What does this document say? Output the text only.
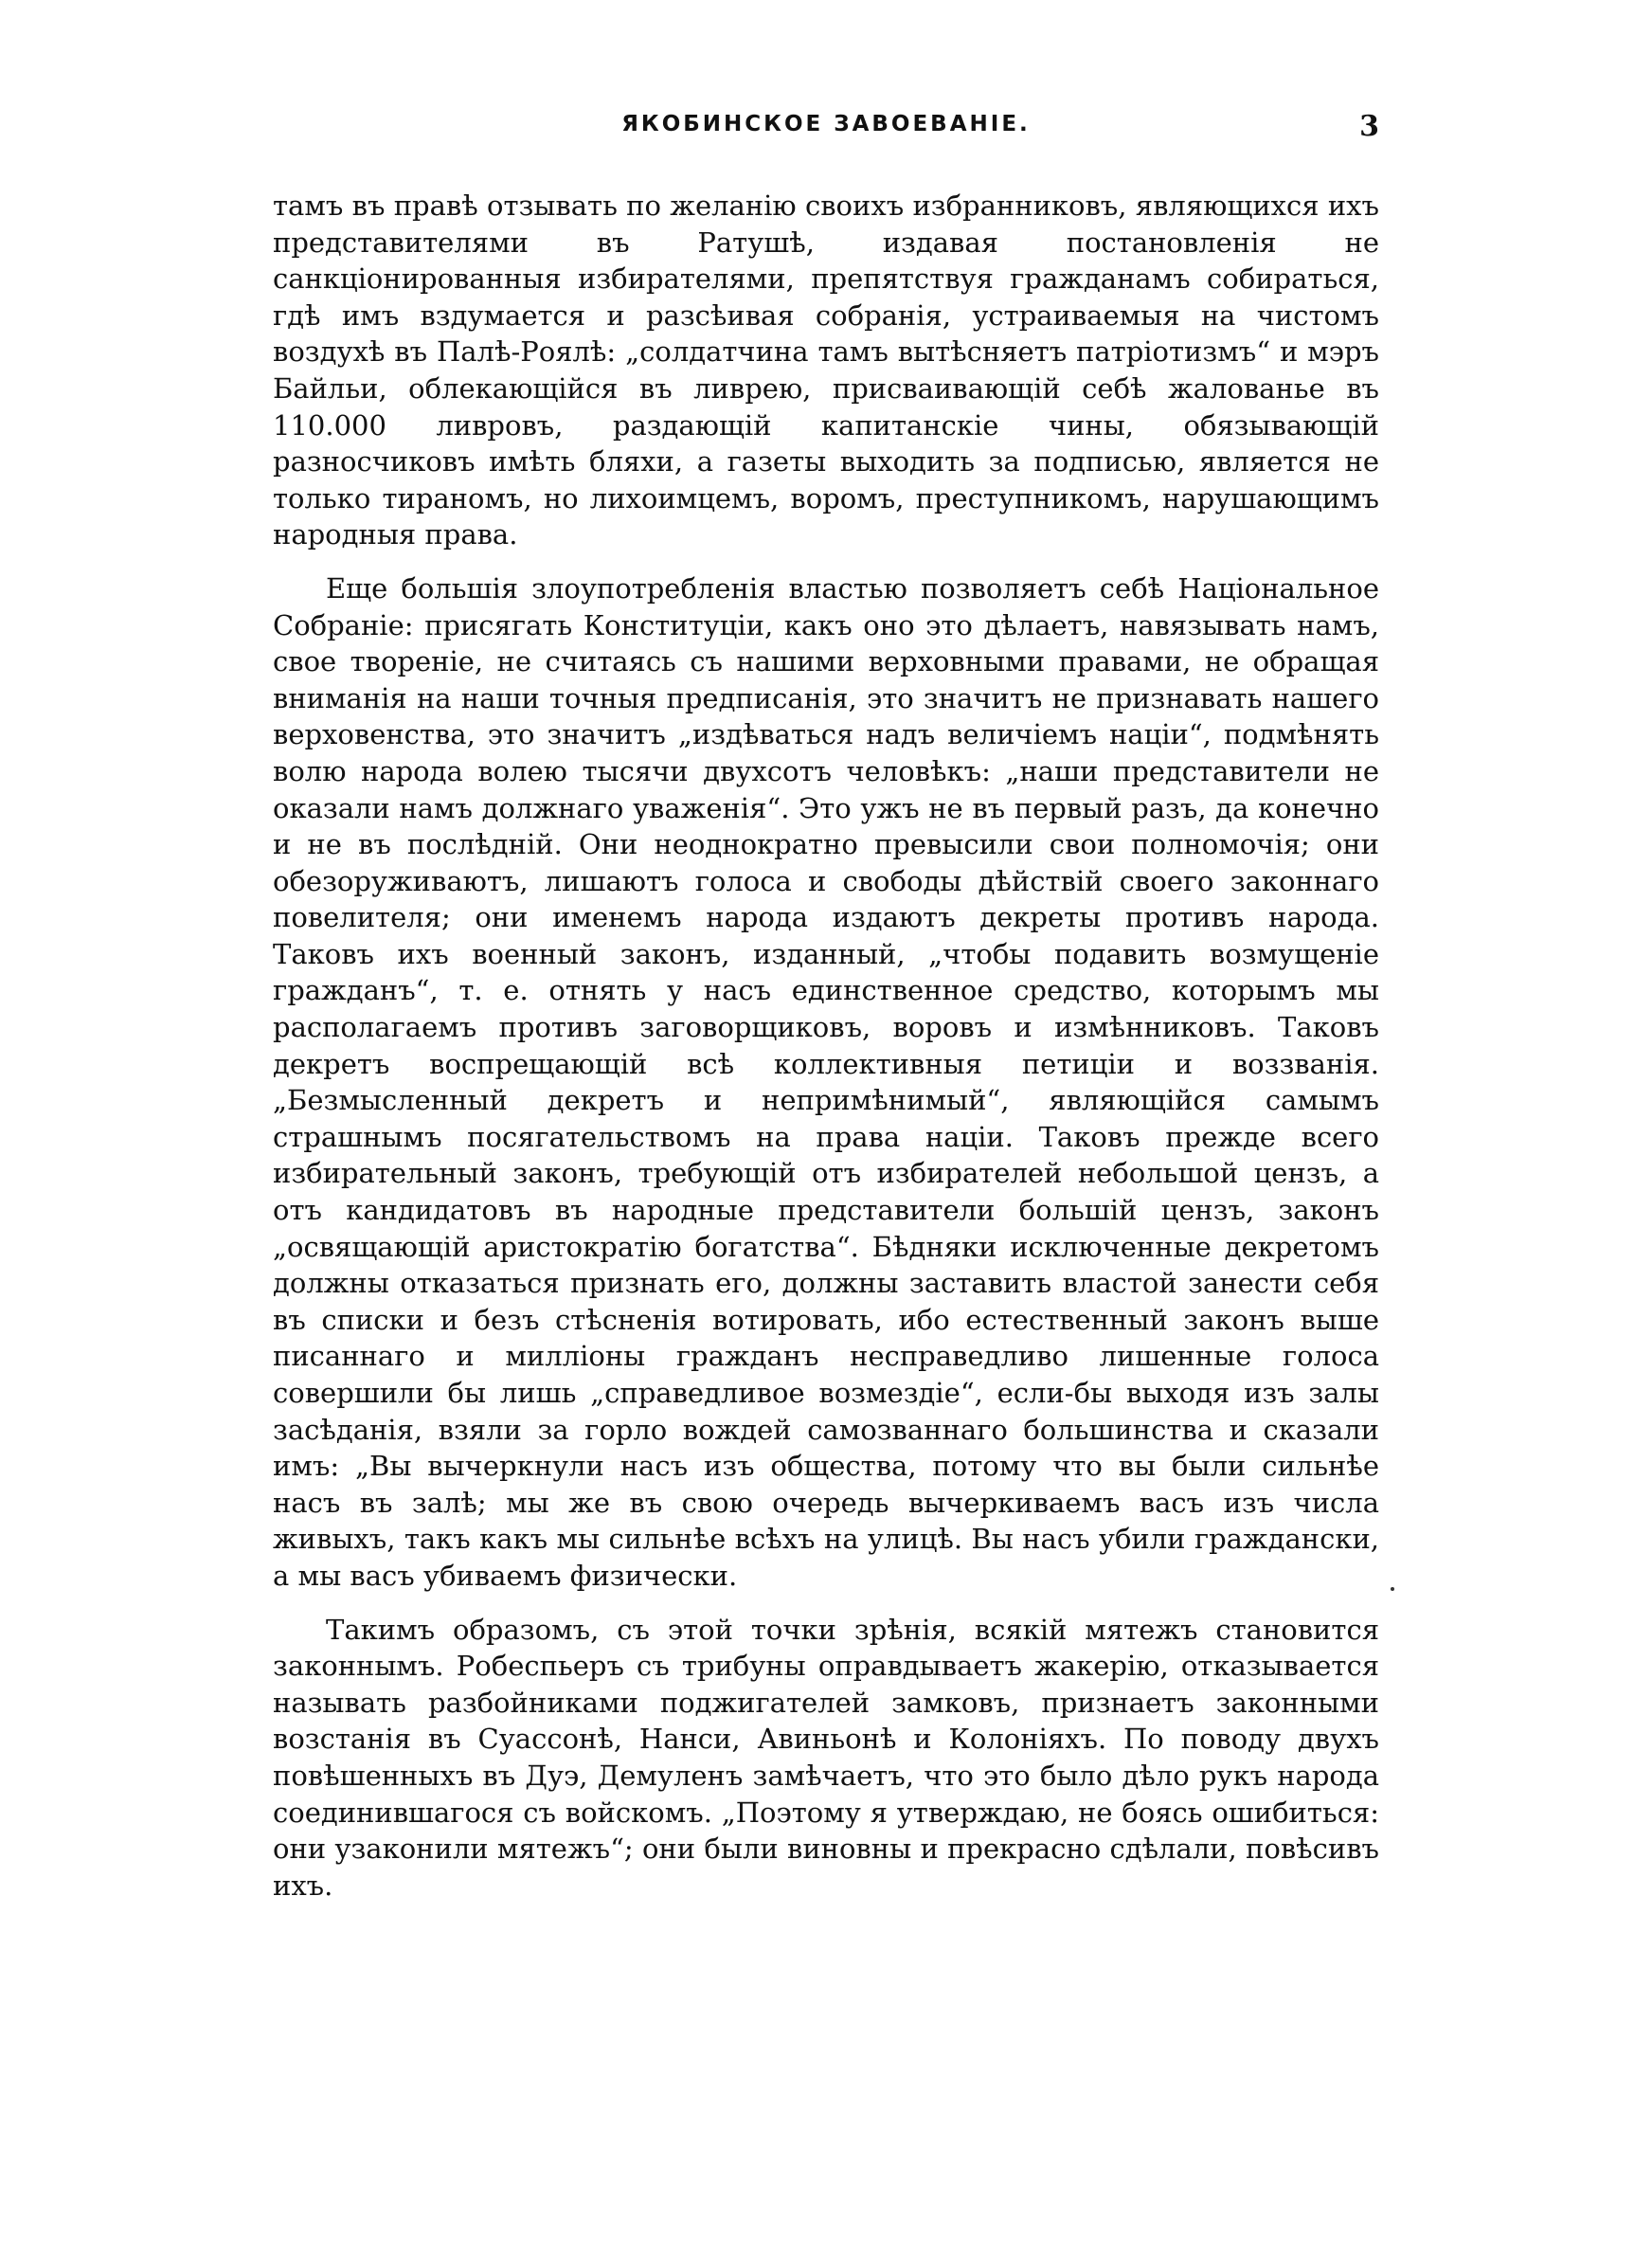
ЯКОБИНСКОЕ ЗАВОЕВАНІЕ.	3

тамъ въ правѣ отзывать по желанію своихъ избранниковъ, являющихся ихъ представителями въ Ратушѣ, издавая постановленія не санкціонированныя избирателями, препятствуя гражданамъ собираться, гдѣ имъ вздумается и разсѣивая собранія, устраиваемыя на чистомъ воздухѣ въ Палѣ-Роялѣ: „солдатчина тамъ вытѣсняетъ патріотизмъ“ и мэръ Байльи, облекающійся въ ливрею, присваивающій себѣ жалованье въ 110.000 ливровъ, раздающій капитанскіе чины, обязывающій разносчиковъ имѣть бляхи, а газеты выходить за подписью, является не только тираномъ, но лихоимцемъ, воромъ, преступникомъ, нарушающимъ народныя права.

Еще большія злоупотребленія властью позволяетъ себѣ Національное Собраніе: присягать Конституціи, какъ оно это дѣлаетъ, навязывать намъ, свое твореніе, не считаясь съ нашими верховными правами, не обращая вниманія на наши точныя предписанія, это значитъ не признавать нашего верховенства, это значитъ „издѣваться надъ величіемъ націи“, подмѣнять волю народа волею тысячи двухсотъ человѣкъ: „наши представители не оказали намъ должнаго уваженія“. Это ужъ не въ первый разъ, да конечно и не въ послѣдній. Они неоднократно превысили свои полномочія; они обезоруживаютъ, лишаютъ голоса и свободы дѣйствій своего законнаго повелителя; они именемъ народа издаютъ декреты противъ народа. Таковъ ихъ военный законъ, изданный, „чтобы подавить возмущеніе гражданъ“, т. е. отнять у насъ единственное средство, которымъ мы располагаемъ противъ заговорщиковъ, воровъ и измѣнниковъ. Таковъ декретъ воспрещающій всѣ коллективныя петиціи и воззванія. „Безмысленный декретъ и непримѣнимый“, являющійся самымъ страшнымъ посягательствомъ на права націи. Таковъ прежде всего избирательный законъ, требующій отъ избирателей небольшой цензъ, а отъ кандидатовъ въ народные представители большій цензъ, законъ „освящающій аристократію богатства“. Бѣдняки исключенные декретомъ должны отказаться признать его, должны заставить властой занести себя въ списки и безъ стѣсненія вотировать, ибо естественный законъ выше писаннаго и милліоны гражданъ несправедливо лишенные голоса совершили бы лишь „справедливое возмездіе“, если-бы выходя изъ залы засѣданія, взяли за горло вождей самозваннаго большинства и сказали имъ: „Вы вычеркнули насъ изъ общества, потому что вы были сильнѣе насъ въ залѣ; мы же въ свою очередь вычеркиваемъ васъ изъ числа живыхъ, такъ какъ мы сильнѣе всѣхъ на улицѣ. Вы насъ убили граждански, а мы васъ убиваемъ физически.

Такимъ образомъ, съ этой точки зрѣнія, всякій мятежъ становится законнымъ. Робеспьеръ съ трибуны оправдываетъ жакерію, отказывается называть разбойниками поджигателей замковъ, признаетъ законными возстанія въ Суассонѣ, Нанси, Авиньонѣ и Колоніяхъ. По поводу двухъ повѣшенныхъ въ Дуэ, Демуленъ замѣчаетъ, что это было дѣло рукъ народа соединившагося съ войскомъ. „Поэтому я утверждаю, не боясь ошибиться: они узаконили мятежъ“; они были виновны и прекрасно сдѣлали, повѣсивъ ихъ.
